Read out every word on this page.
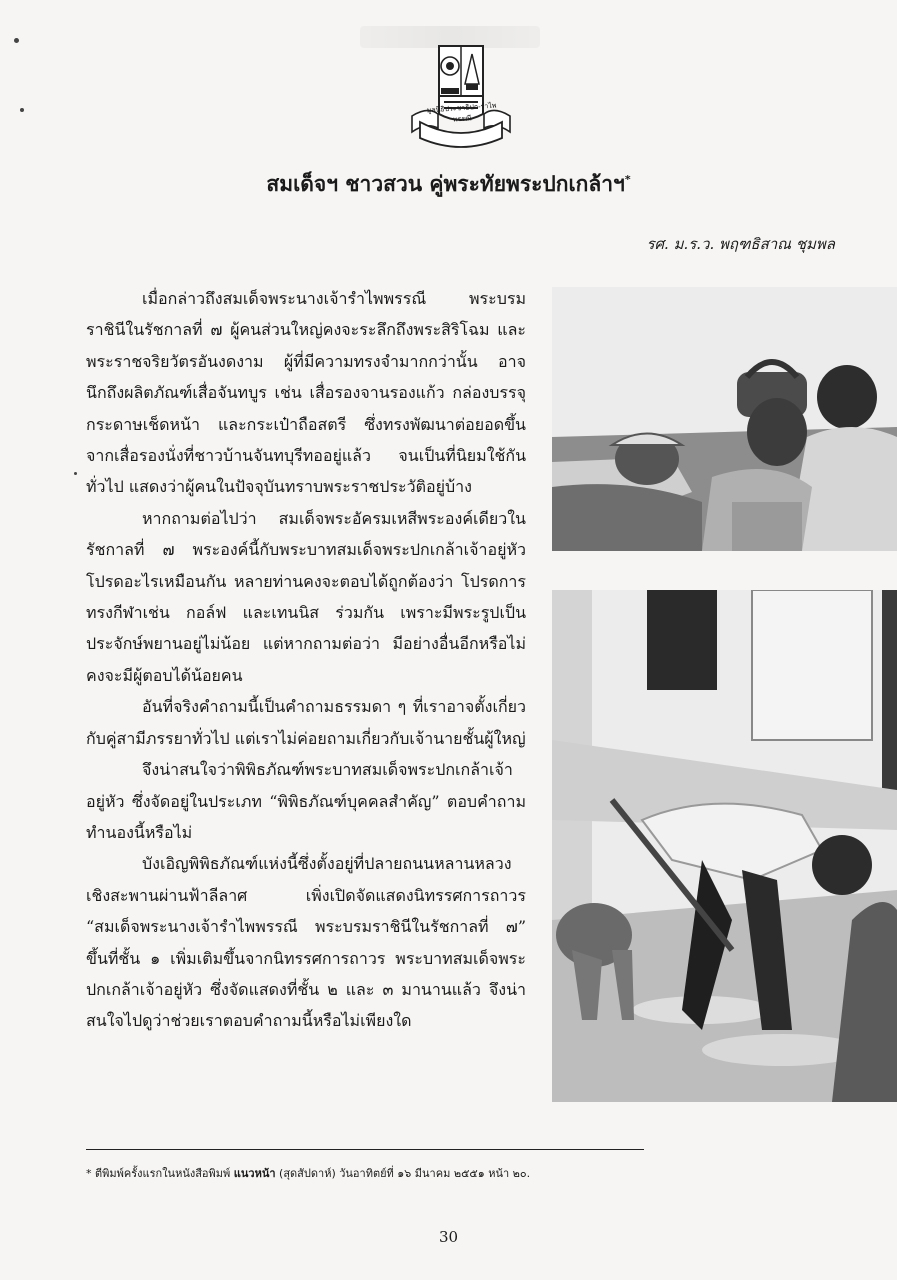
มูลนิธิประชาธิปก-รำไพพรรณี
สมเด็จฯ ชาวสวน คู่พระทัยพระปกเกล้าฯ*
รศ. ม.ร.ว. พฤฑธิสาณ ชุมพล

เมื่อกล่าวถึงสมเด็จพระนางเจ้ารำไพพรรณี พระบรมราชินีในรัชกาลที่ ๗ ผู้คนส่วนใหญ่คงจะระลึกถึงพระสิริโฉม และพระราชจริยวัตรอันงดงาม ผู้ที่มีความทรงจำมากกว่านั้น อาจนึกถึงผลิตภัณฑ์เสื่อจันทบูร เช่น เสื่อรองจานรองแก้ว กล่องบรรจุกระดาษเช็ดหน้า และกระเป๋าถือสตรี ซึ่งทรงพัฒนาต่อยอดขึ้นจากเสื่อรองนั่งที่ชาวบ้านจันทบุรีทออยู่แล้ว จนเป็นที่นิยมใช้กันทั่วไป แสดงว่าผู้คนในปัจจุบันทราบพระราชประวัติอยู่บ้าง

หากถามต่อไปว่า สมเด็จพระอัครมเหสีพระองค์เดียวในรัชกาลที่ ๗ พระองค์นี้กับพระบาทสมเด็จพระปกเกล้าเจ้าอยู่หัวโปรดอะไรเหมือนกัน หลายท่านคงจะตอบได้ถูกต้องว่า โปรดการทรงกีฬาเช่น กอล์ฟ และเทนนิส ร่วมกัน เพราะมีพระรูปเป็นประจักษ์พยานอยู่ไม่น้อย แต่หากถามต่อว่า มีอย่างอื่นอีกหรือไม่คงจะมีผู้ตอบได้น้อยคน

อันที่จริงคำถามนี้เป็นคำถามธรรมดา ๆ ที่เราอาจตั้งเกี่ยวกับคู่สามีภรรยาทั่วไป แต่เราไม่ค่อยถามเกี่ยวกับเจ้านายชั้นผู้ใหญ่

จึงน่าสนใจว่าพิพิธภัณฑ์พระบาทสมเด็จพระปกเกล้าเจ้าอยู่หัว ซึ่งจัดอยู่ในประเภท “พิพิธภัณฑ์บุคคลสำคัญ” ตอบคำถามทำนองนี้หรือไม่

บังเอิญพิพิธภัณฑ์แห่งนี้ซึ่งตั้งอยู่ที่ปลายถนนหลานหลวงเชิงสะพานผ่านฟ้าลีลาศ เพิ่งเปิดจัดแสดงนิทรรศการถาวร “สมเด็จพระนางเจ้ารำไพพรรณี พระบรมราชินีในรัชกาลที่ ๗” ขึ้นที่ชั้น ๑ เพิ่มเติมขึ้นจากนิทรรศการถาวร พระบาทสมเด็จพระปกเกล้าเจ้าอยู่หัว ซึ่งจัดแสดงที่ชั้น ๒ และ ๓ มานานแล้ว จึงน่าสนใจไปดูว่าช่วยเราตอบคำถามนี้หรือไม่เพียงใด

* ตีพิมพ์ครั้งแรกในหนังสือพิมพ์ แนวหน้า (สุดสัปดาห์) วันอาทิตย์ที่ ๑๖ มีนาคม ๒๕๕๑ หน้า ๒๐.
30
